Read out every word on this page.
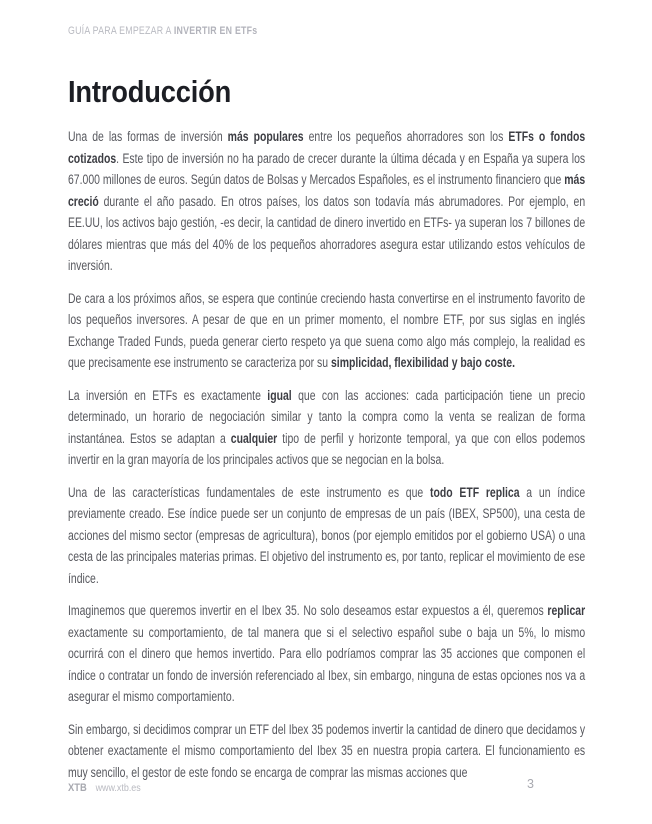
GUÍA PARA EMPEZAR A INVERTIR EN ETFs
Introducción

Una de las formas de inversión más populares entre los pequeños ahorradores son los ETFs o fondos cotizados. Este tipo de inversión no ha parado de crecer durante la última década y en España ya supera los 67.000 millones de euros. Según datos de Bolsas y Mercados Españoles, es el instrumento financiero que más creció durante el año pasado. En otros países, los datos son todavía más abrumadores. Por ejemplo, en EE.UU, los activos bajo gestión, -es decir, la cantidad de dinero invertido en ETFs- ya superan los 7 billones de dólares mientras que más del 40% de los pequeños ahorradores asegura estar utilizando estos vehículos de inversión.

De cara a los próximos años, se espera que continúe creciendo hasta convertirse en el instrumento favorito de los pequeños inversores. A pesar de que en un primer momento, el nombre ETF, por sus siglas en inglés Exchange Traded Funds, pueda generar cierto respeto ya que suena como algo más complejo, la realidad es que precisamente ese instrumento se caracteriza por su simplicidad, flexibilidad y bajo coste.

La inversión en ETFs es exactamente igual que con las acciones: cada participación tiene un precio determinado, un horario de negociación similar y tanto la compra como la venta se realizan de forma instantánea. Estos se adaptan a cualquier tipo de perfil y horizonte temporal, ya que con ellos podemos invertir en la gran mayoría de los principales activos que se negocian en la bolsa.

Una de las características fundamentales de este instrumento es que todo ETF replica a un índice previamente creado. Ese índice puede ser un conjunto de empresas de un país (IBEX, SP500), una cesta de acciones del mismo sector (empresas de agricultura), bonos (por ejemplo emitidos por el gobierno USA) o una cesta de las principales materias primas. El objetivo del instrumento es, por tanto, replicar el movimiento de ese índice.

Imaginemos que queremos invertir en el Ibex 35. No solo deseamos estar expuestos a él, queremos replicar exactamente su comportamiento, de tal manera que si el selectivo español sube o baja un 5%, lo mismo ocurrirá con el dinero que hemos invertido. Para ello podríamos comprar las 35 acciones que componen el índice o contratar un fondo de inversión referenciado al Ibex, sin embargo, ninguna de estas opciones nos va a asegurar el mismo comportamiento.

Sin embargo, si decidimos comprar un ETF del Ibex 35 podemos invertir la cantidad de dinero que decidamos y obtener exactamente el mismo comportamiento del Ibex 35 en nuestra propia cartera. El funcionamiento es muy sencillo, el gestor de este fondo se encarga de comprar las mismas acciones que

XTB www.xtb.es	3
